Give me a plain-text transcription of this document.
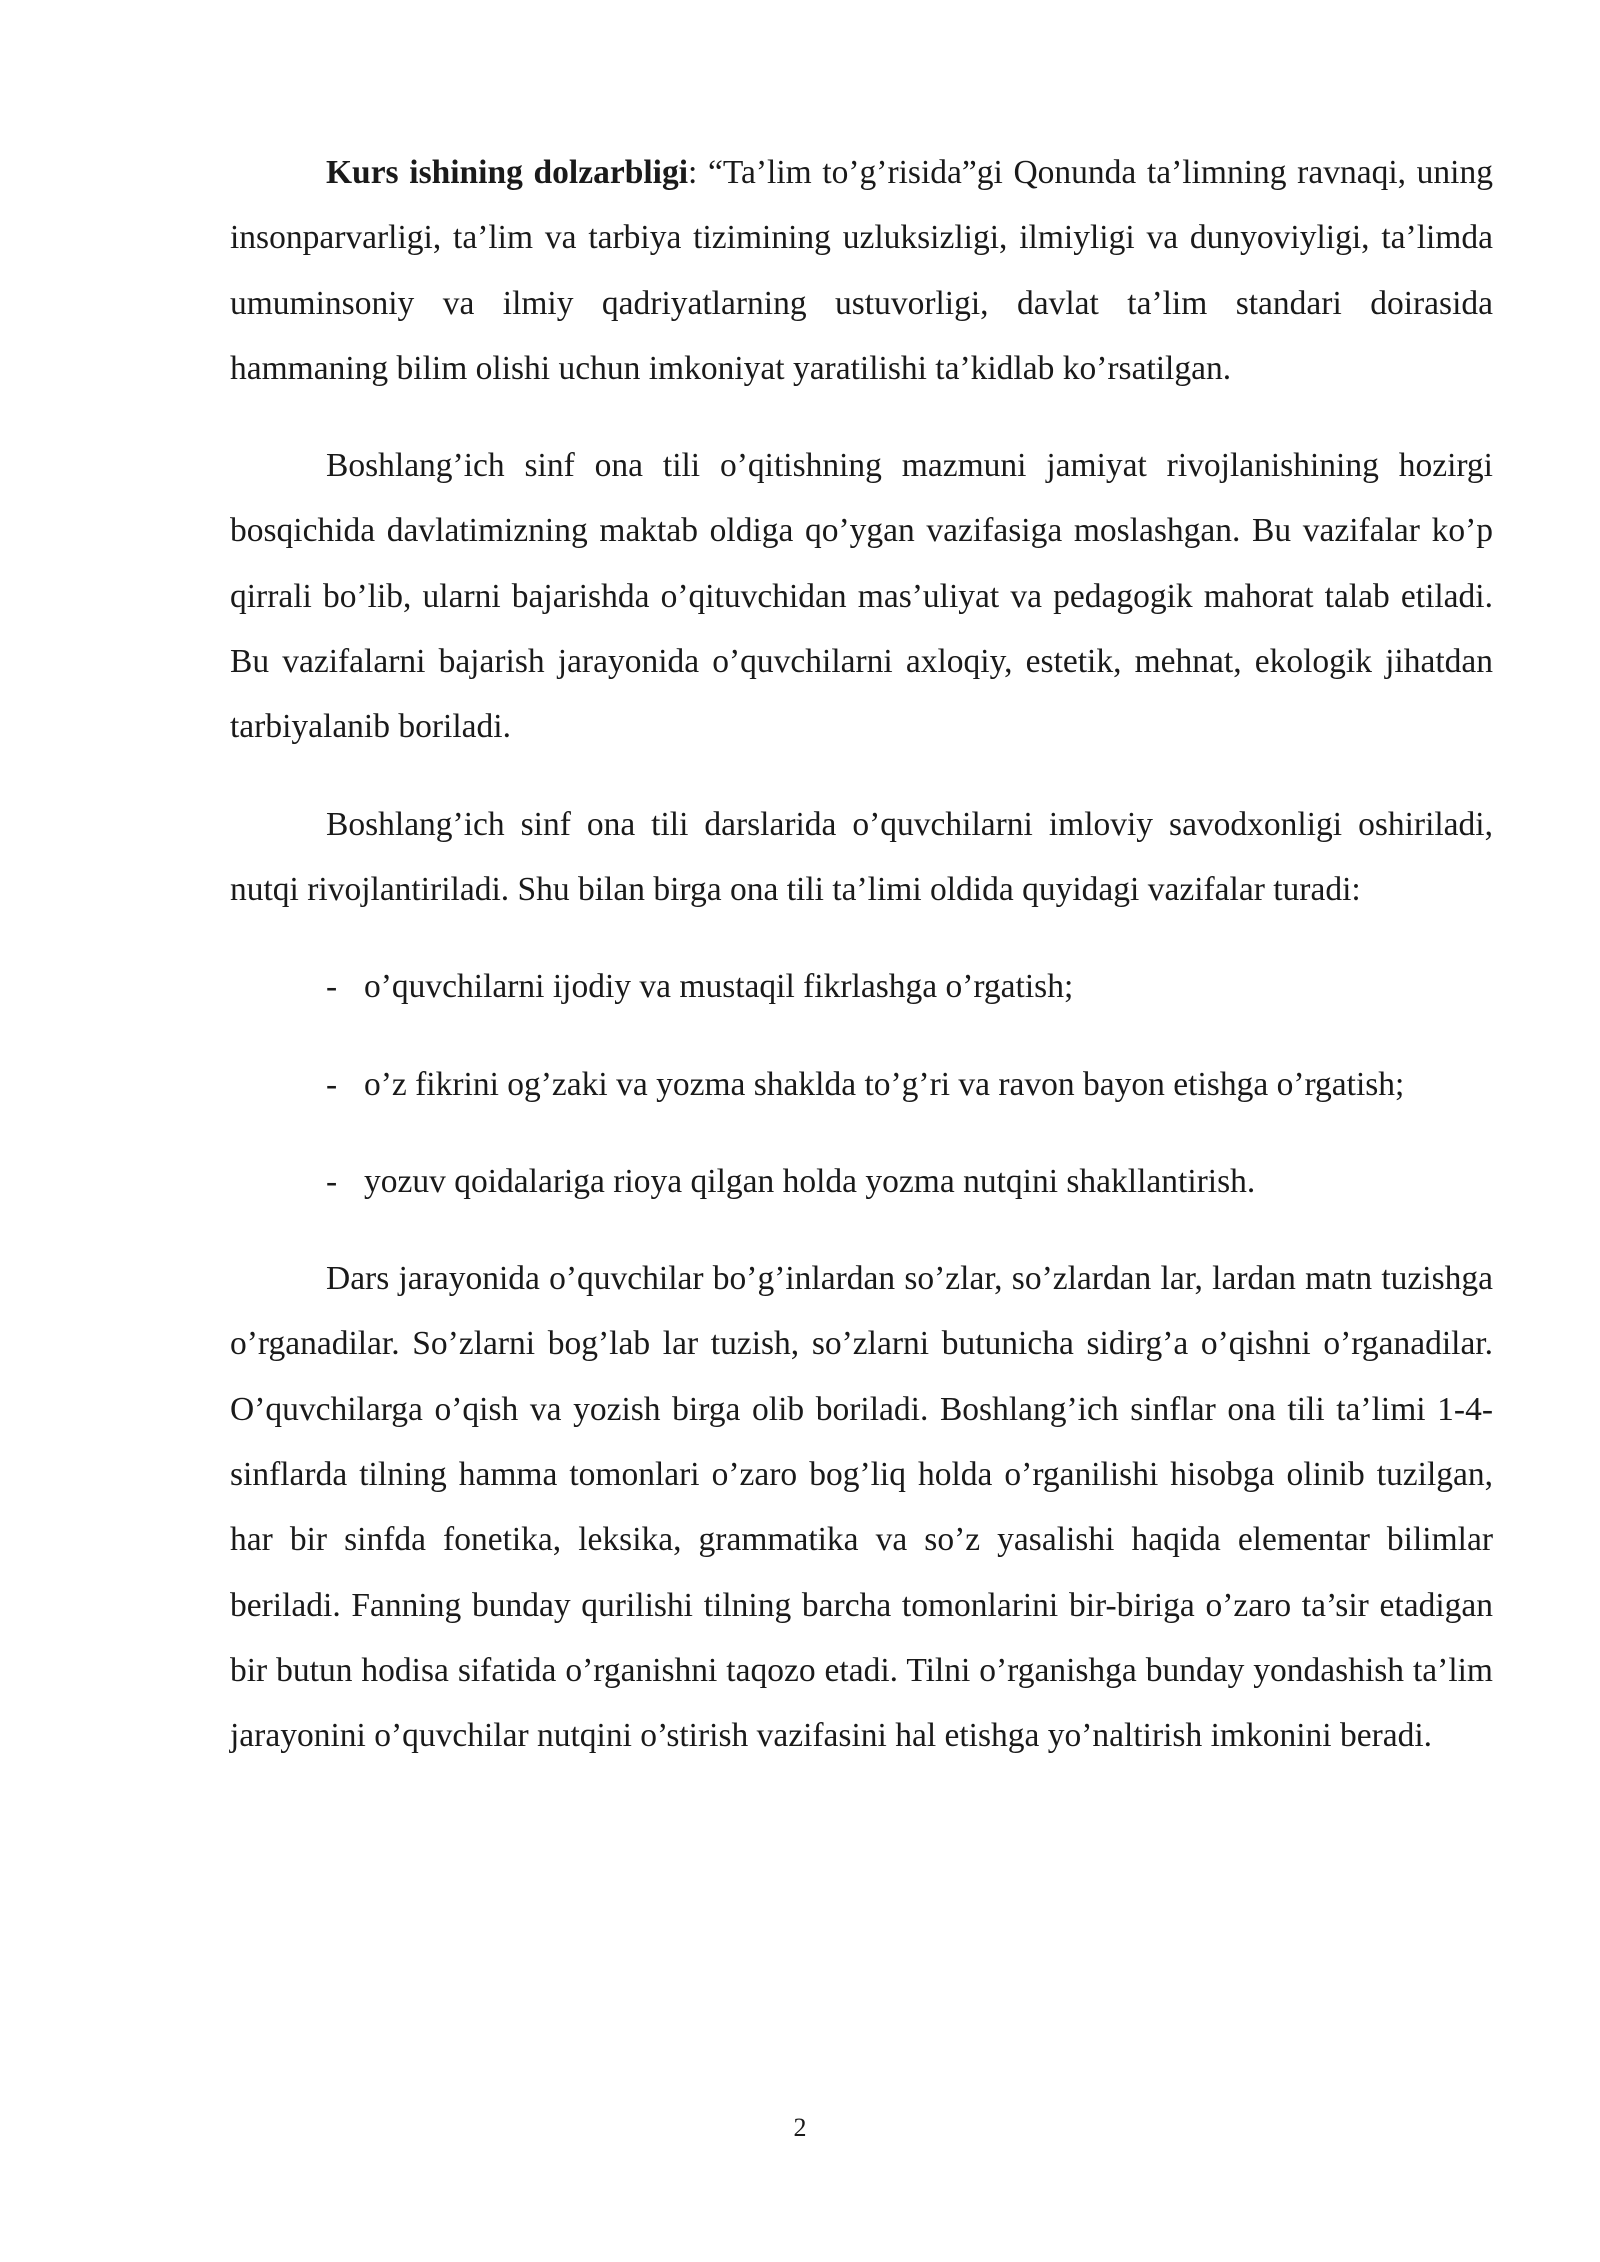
Kurs ishining dolzarbligi: “Ta’lim to’g’risida”gi Qonunda ta’limning ravnaqi, uning insonparvarligi, ta’lim va tarbiya tizimining uzluksizligi, ilmiyligi va dunyoviyligi, ta’limda umuminsoniy va ilmiy qadriyatlarning ustuvorligi, davlat ta’lim standari doirasida hammaning bilim olishi uchun imkoniyat yaratilishi ta’kidlab ko’rsatilgan.

Boshlang’ich sinf ona tili o’qitishning mazmuni jamiyat rivojlanishining hozirgi bosqichida davlatimizning maktab oldiga qo’ygan vazifasiga moslashgan. Bu vazifalar ko’p qirrali bo’lib, ularni bajarishda o’qituvchidan mas’uliyat va pedagogik mahorat talab etiladi. Bu vazifalarni bajarish jarayonida o’quvchilarni axloqiy, estetik, mehnat, ekologik jihatdan tarbiyalanib boriladi.

Boshlang’ich sinf ona tili darslarida o’quvchilarni imloviy savodxonligi oshiriladi, nutqi rivojlantiriladi. Shu bilan birga ona tili ta’limi oldida quyidagi vazifalar turadi:

- o’quvchilarni ijodiy va mustaqil fikrlashga o’rgatish;

- o’z fikrini og’zaki va yozma shaklda to’g’ri va ravon bayon etishga o’rgatish;

- yozuv qoidalariga rioya qilgan holda yozma nutqini shakllantirish.

Dars jarayonida o’quvchilar bo’g’inlardan so’zlar, so’zlardan lar, lardan matn tuzishga o’rganadilar. So’zlarni bog’lab lar tuzish, so’zlarni butunicha sidirg’a o’qishni o’rganadilar. O’quvchilarga o’qish va yozish birga olib boriladi. Boshlang’ich sinflar ona tili ta’limi 1-4-sinflarda tilning hamma tomonlari o’zaro bog’liq holda o’rganilishi hisobga olinib tuzilgan, har bir sinfda fonetika, leksika, grammatika va so’z yasalishi haqida elementar bilimlar beriladi. Fanning bunday qurilishi tilning barcha tomonlarini bir-biriga o’zaro ta’sir etadigan bir butun hodisa sifatida o’rganishni taqozo etadi. Tilni o’rganishga bunday yondashish ta’lim jarayonini o’quvchilar nutqini o’stirish vazifasini hal etishga yo’naltirish imkonini beradi.

2
